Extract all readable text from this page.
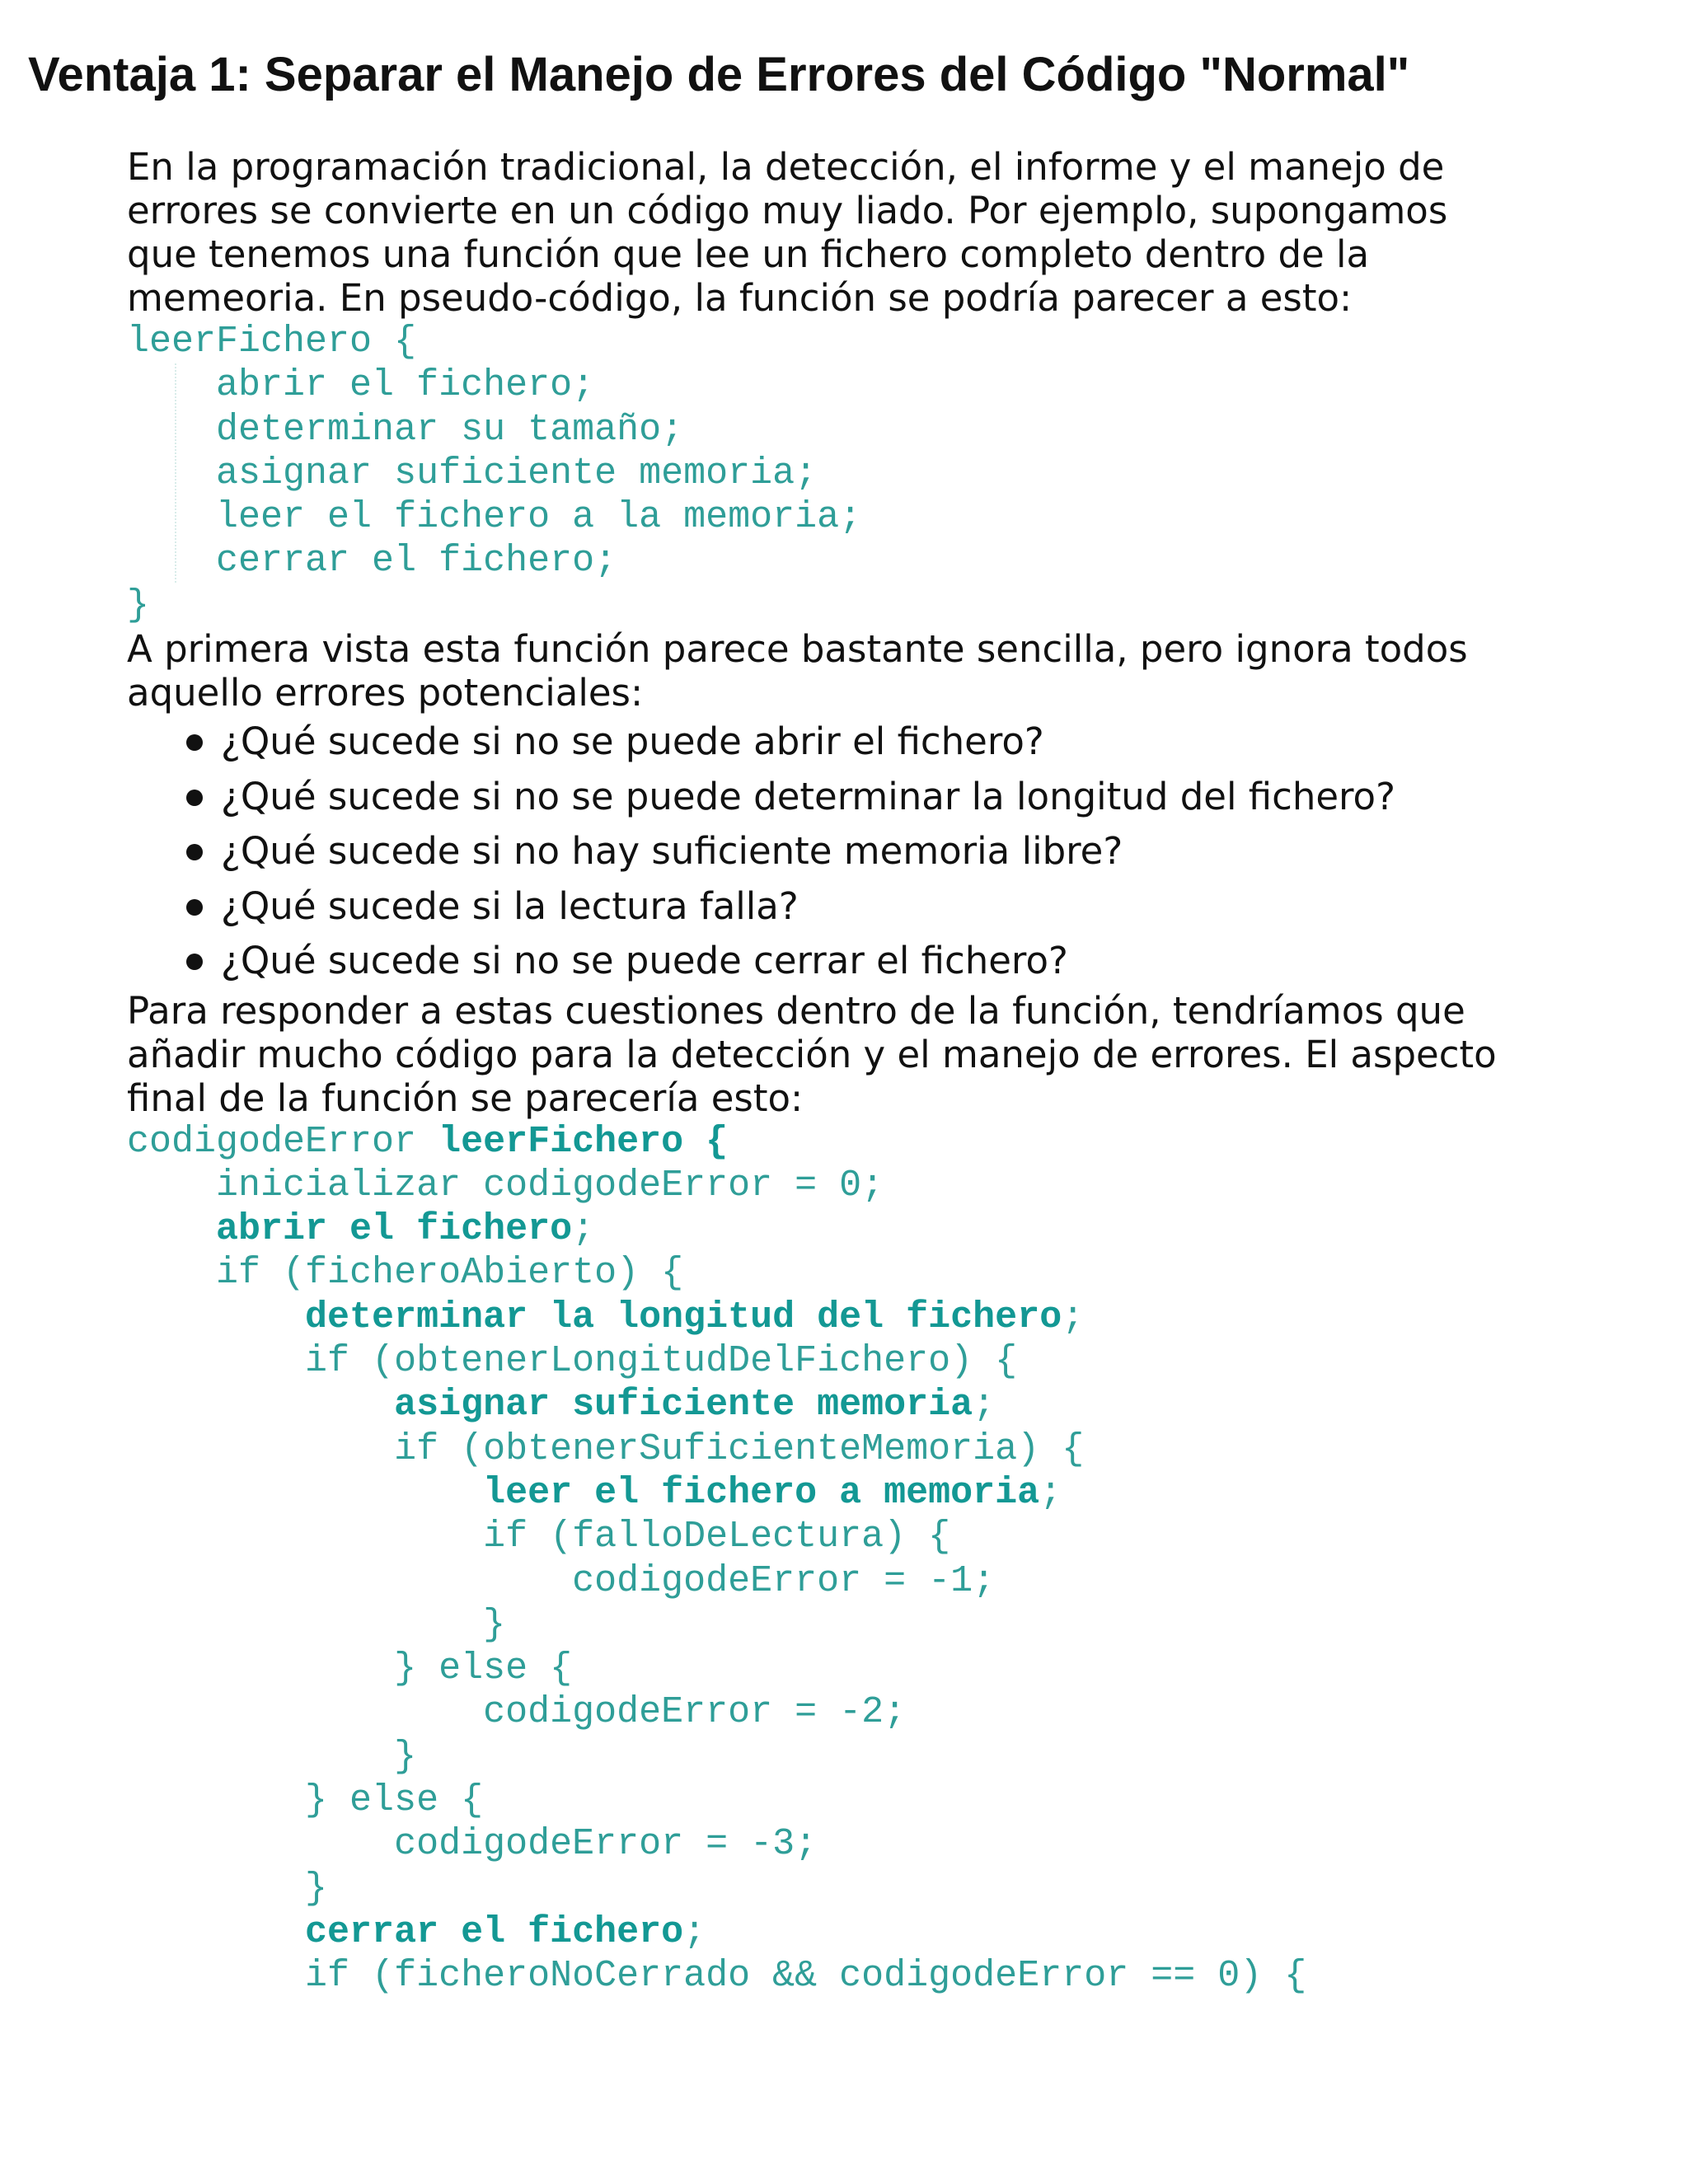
Ventaja 1: Separar el Manejo de Errores del Código "Normal"

En la programación tradicional, la detección, el informe y el manejo de
errores se convierte en un código muy liado. Por ejemplo, supongamos
que tenemos una función que lee un fichero completo dentro de la
memeoria. En pseudo-código, la función se podría parecer a esto:

leerFichero {
abrir el fichero;
determinar su tamaño;
asignar suficiente memoria;
leer el fichero a la memoria;
cerrar el fichero;
}

A primera vista esta función parece bastante sencilla, pero ignora todos
aquello errores potenciales:

¿Qué sucede si no se puede abrir el fichero?
¿Qué sucede si no se puede determinar la longitud del fichero?
¿Qué sucede si no hay suficiente memoria libre?
¿Qué sucede si la lectura falla?
¿Qué sucede si no se puede cerrar el fichero?

Para responder a estas cuestiones dentro de la función, tendríamos que
añadir mucho código para la detección y el manejo de errores. El aspecto
final de la función se parecería esto:

codigodeError leerFichero {
inicializar codigodeError = 0;
abrir el fichero;
if (ficheroAbierto) {
determinar la longitud del fichero;
if (obtenerLongitudDelFichero) {
asignar suficiente memoria;
if (obtenerSuficienteMemoria) {
leer el fichero a memoria;
if (falloDeLectura) {
codigodeError = -1;
}
} else {
codigodeError = -2;
}
} else {
codigodeError = -3;
}
cerrar el fichero;
if (ficheroNoCerrado && codigodeError == 0) {
